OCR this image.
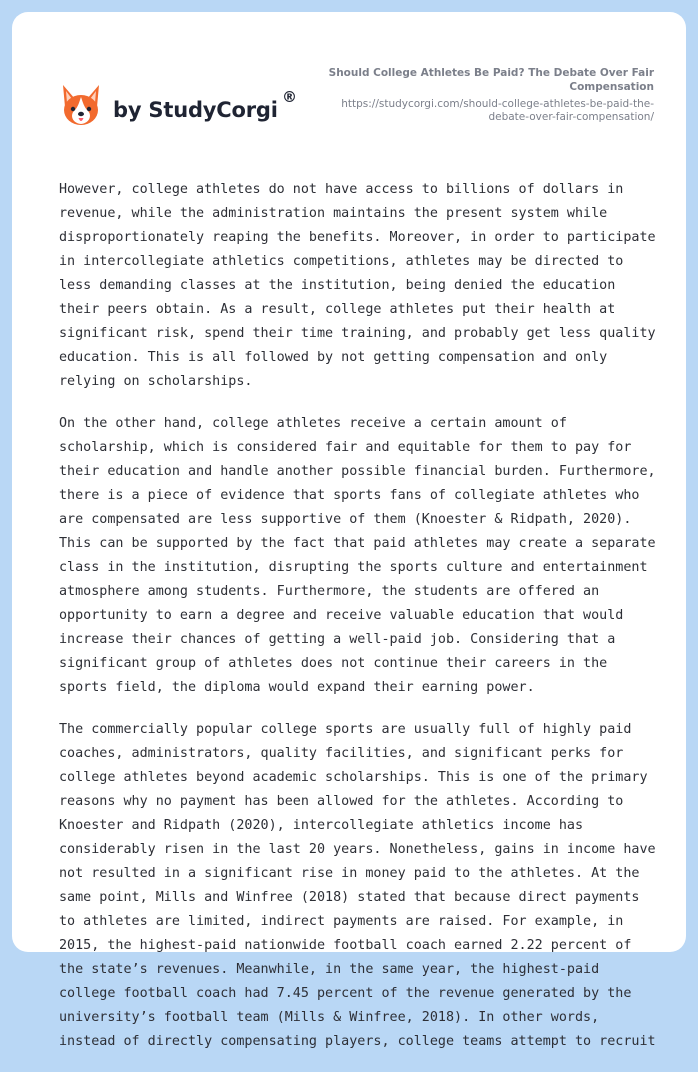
by StudyCorgi
®
Should College Athletes Be Paid? The Debate Over Fair Compensation
https://studycorgi.com/should-college-athletes-be-paid-the-debate-over-fair-compensation/

However, college athletes do not have access to billions of dollars in revenue, while the administration maintains the present system while disproportionately reaping the benefits. Moreover, in order to participate in intercollegiate athletics competitions, athletes may be directed to less demanding classes at the institution, being denied the education their peers obtain. As a result, college athletes put their health at significant risk, spend their time training, and probably get less quality education. This is all followed by not getting compensation and only relying on scholarships.

On the other hand, college athletes receive a certain amount of scholarship, which is considered fair and equitable for them to pay for their education and handle another possible financial burden. Furthermore, there is a piece of evidence that sports fans of collegiate athletes who are compensated are less supportive of them (Knoester & Ridpath, 2020). This can be supported by the fact that paid athletes may create a separate class in the institution, disrupting the sports culture and entertainment atmosphere among students. Furthermore, the students are offered an opportunity to earn a degree and receive valuable education that would increase their chances of getting a well-paid job. Considering that a significant group of athletes does not continue their careers in the sports field, the diploma would expand their earning power.

The commercially popular college sports are usually full of highly paid coaches, administrators, quality facilities, and significant perks for college athletes beyond academic scholarships. This is one of the primary reasons why no payment has been allowed for the athletes. According to Knoester and Ridpath (2020), intercollegiate athletics income has considerably risen in the last 20 years. Nonetheless, gains in income have not resulted in a significant rise in money paid to the athletes. At the same point, Mills and Winfree (2018) stated that because direct payments to athletes are limited, indirect payments are raised. For example, in 2015, the highest-paid nationwide football coach earned 2.22 percent of the state’s revenues. Meanwhile, in the same year, the highest-paid college football coach had 7.45 percent of the revenue generated by the university’s football team (Mills & Winfree, 2018). In other words, instead of directly compensating players, college teams attempt to recruit
